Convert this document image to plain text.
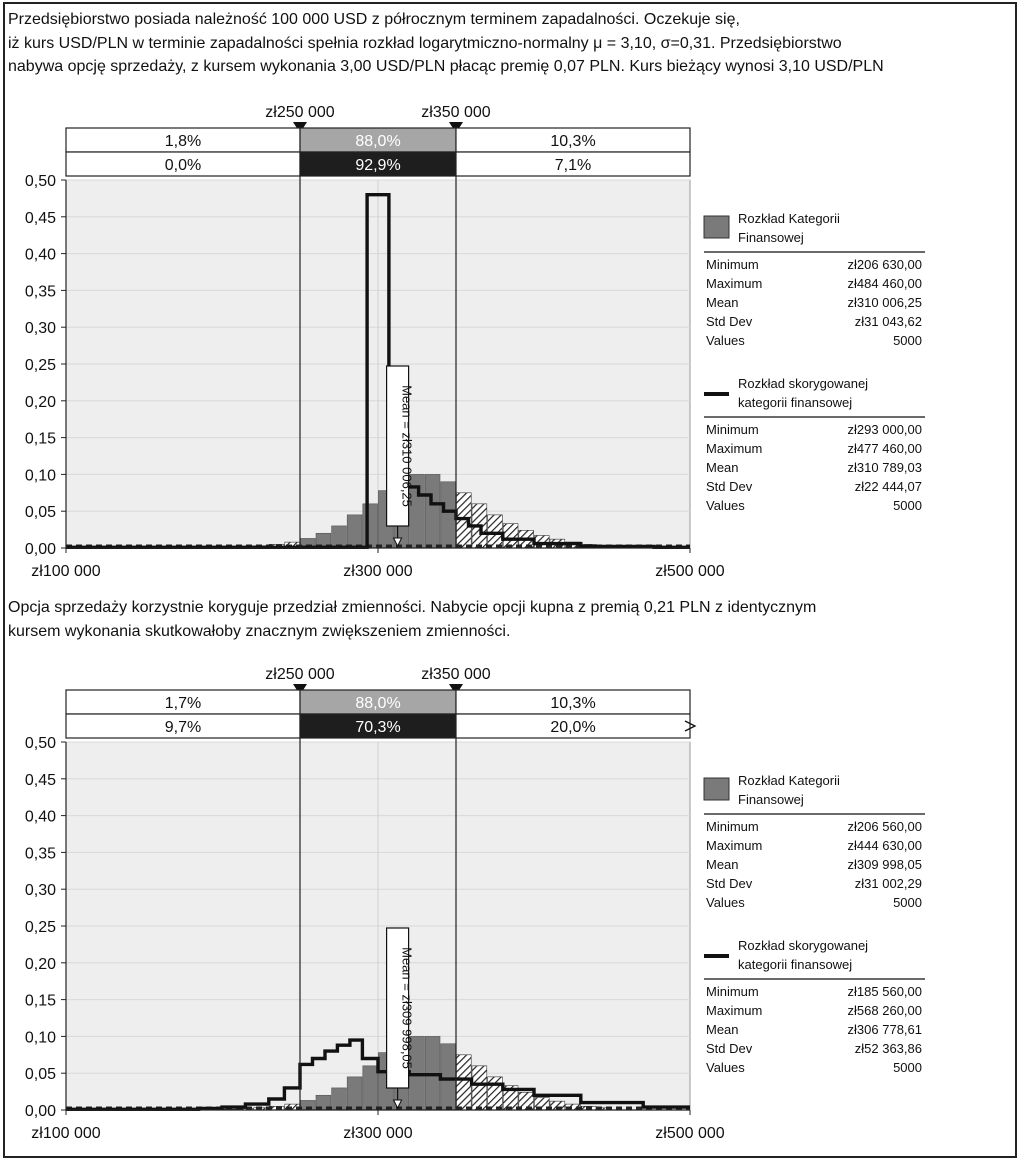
Przedsiębiorstwo posiada należność 100 000 USD z półrocznym terminem zapadalności. Oczekuje się,
iż kurs USD/PLN w terminie zapadalności spełnia rozkład logarytmiczno-normalny μ = 3,10, σ=0,31. Przedsiębiorstwo
nabywa opcję sprzedaży, z kursem wykonania 3,00 USD/PLN płacąc premię 0,07 PLN. Kurs bieżący wynosi 3,10 USD/PLN
zł250 000	zł350 000
1,8%	88,0%	10,3%
0,0%	92,9%	7,1%
0,50
0,45
0,40
0,35
0,30
0,25
0,20
0,15
0,10
0,05
0,00
zł100 000	zł300 000	zł500 000
Mean = zł310 006,25
Rozkład Kategorii
Finansowej
Minimum	zł206 630,00
Maximum	zł484 460,00
Mean	zł310 006,25
Std Dev	zł31 043,62
Values	5000
Rozkład skorygowanej
kategorii finansowej
Minimum	zł293 000,00
Maximum	zł477 460,00
Mean	zł310 789,03
Std Dev	zł22 444,07
Values	5000
Opcja sprzedaży korzystnie koryguje przedział zmienności. Nabycie opcji kupna z premią 0,21 PLN z identycznym
kursem wykonania skutkowałoby znacznym zwiększeniem zmienności.
zł250 000	zł350 000
1,7%	88,0%	10,3%
9,7%	70,3%	20,0%
0,50
0,45
0,40
0,35
0,30
0,25
0,20
0,15
0,10
0,05
0,00
zł100 000	zł300 000	zł500 000
Mean = zł309 998,05
Rozkład Kategorii
Finansowej
Minimum	zł206 560,00
Maximum	zł444 630,00
Mean	zł309 998,05
Std Dev	zł31 002,29
Values	5000
Rozkład skorygowanej
kategorii finansowej
Minimum	zł185 560,00
Maximum	zł568 260,00
Mean	zł306 778,61
Std Dev	zł52 363,86
Values	5000
